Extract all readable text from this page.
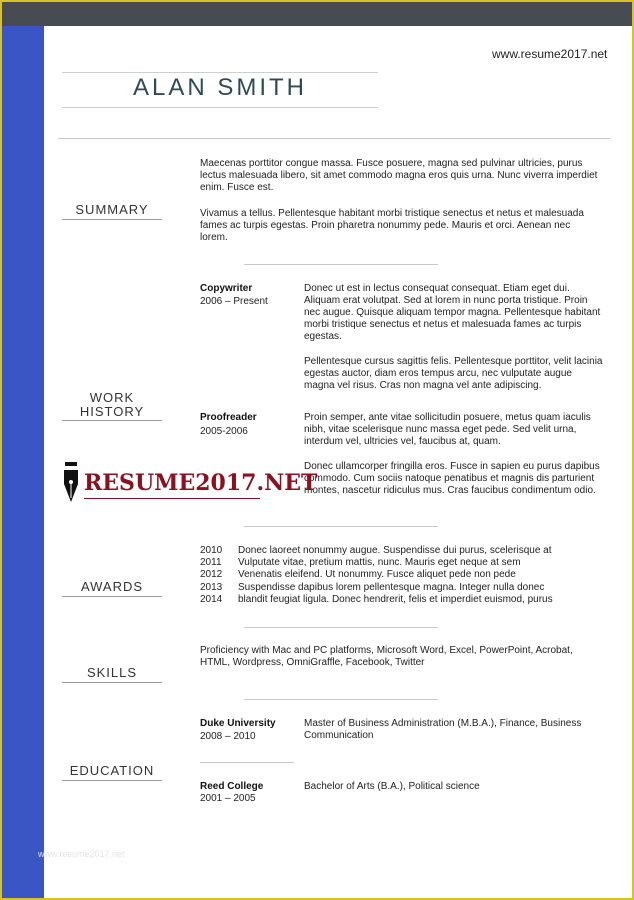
www.resume2017.net
ALAN SMITH
SUMMARY
Maecenas porttitor congue massa. Fusce posuere, magna sed pulvinar ultricies, purus lectus malesuada libero, sit amet commodo magna eros quis urna. Nunc viverra imperdiet enim. Fusce est.
Vivamus a tellus. Pellentesque habitant morbi tristique senectus et netus et malesuada fames ac turpis egestas. Proin pharetra nonummy pede. Mauris et orci. Aenean nec lorem.
WORK
HISTORY
Copywriter
2006 – Present
Donec ut est in lectus consequat consequat. Etiam eget dui. Aliquam erat volutpat. Sed at lorem in nunc porta tristique. Proin nec augue. Quisque aliquam tempor magna. Pellentesque habitant morbi tristique senectus et netus et malesuada fames ac turpis egestas.
Pellentesque cursus sagittis felis. Pellentesque porttitor, velit lacinia egestas auctor, diam eros tempus arcu, nec vulputate augue magna vel risus. Cras non magna vel ante adipiscing.
Proofreader
2005-2006
Proin semper, ante vitae sollicitudin posuere, metus quam iaculis nibh, vitae scelerisque nunc massa eget pede. Sed velit urna, interdum vel, ultricies vel, faucibus at, quam.
Donec ullamcorper fringilla eros. Fusce in sapien eu purus dapibus commodo. Cum sociis natoque penatibus et magnis dis parturient montes, nascetur ridiculus mus. Cras faucibus condimentum odio.
RESUME2017.NET
AWARDS
2010 Donec laoreet nonummy augue. Suspendisse dui purus, scelerisque at
2011 Vulputate vitae, pretium mattis, nunc. Mauris eget neque at sem
2012 Venenatis eleifend. Ut nonummy. Fusce aliquet pede non pede
2013 Suspendisse dapibus lorem pellentesque magna. Integer nulla donec
2014 blandit feugiat ligula. Donec hendrerit, felis et imperdiet euismod, purus
SKILLS
Proficiency with Mac and PC platforms, Microsoft Word, Excel, PowerPoint, Acrobat, HTML, Wordpress, OmniGraffle, Facebook, Twitter
EDUCATION
Duke University
2008 – 2010
Master of Business Administration (M.B.A.), Finance, Business Communication
Reed College
2001 – 2005
Bachelor of Arts (B.A.), Political science
www.resume2017.net
